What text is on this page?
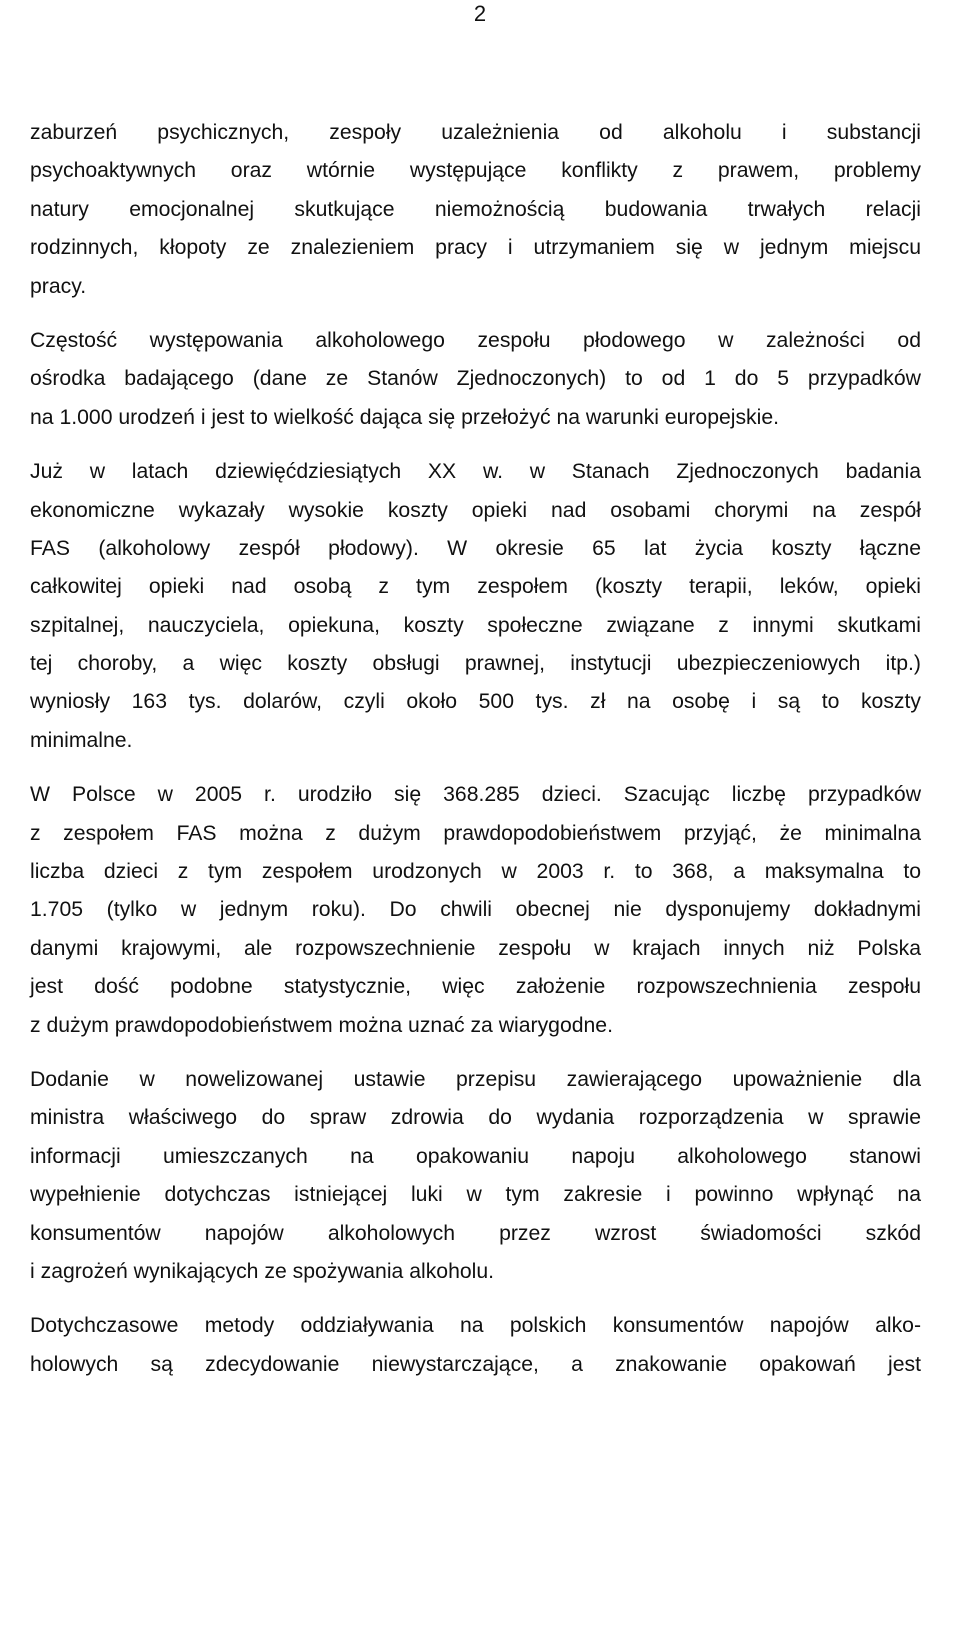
2
zaburzeń psychicznych, zespoły uzależnienia od alkoholu i substancji
psychoaktywnych oraz wtórnie występujące konflikty z prawem, problemy
natury emocjonalnej skutkujące niemożnością budowania trwałych relacji
rodzinnych, kłopoty ze znalezieniem pracy i utrzymaniem się w jednym miejscu
pracy.
Częstość występowania alkoholowego zespołu płodowego w zależności od
ośrodka badającego (dane ze Stanów Zjednoczonych) to od 1 do 5 przypadków
na 1.000 urodzeń i jest to wielkość dająca się przełożyć na warunki europejskie.
Już w latach dziewięćdziesiątych XX w. w Stanach Zjednoczonych badania
ekonomiczne wykazały wysokie koszty opieki nad osobami chorymi na zespół
FAS (alkoholowy zespół płodowy). W okresie 65 lat życia koszty łączne
całkowitej opieki nad osobą z tym zespołem (koszty terapii, leków, opieki
szpitalnej, nauczyciela, opiekuna, koszty społeczne związane z innymi skutkami
tej choroby, a więc koszty obsługi prawnej, instytucji ubezpieczeniowych itp.)
wyniosły 163 tys. dolarów, czyli około 500 tys. zł na osobę i są to koszty
minimalne.
W Polsce w 2005 r. urodziło się 368.285 dzieci. Szacując liczbę przypadków
z zespołem FAS można z dużym prawdopodobieństwem przyjąć, że minimalna
liczba dzieci z tym zespołem urodzonych w 2003 r. to 368, a maksymalna to
1.705 (tylko w jednym roku). Do chwili obecnej nie dysponujemy dokładnymi
danymi krajowymi, ale rozpowszechnienie zespołu w krajach innych niż Polska
jest dość podobne statystycznie, więc założenie rozpowszechnienia zespołu
z dużym prawdopodobieństwem można uznać za wiarygodne.
Dodanie w nowelizowanej ustawie przepisu zawierającego upoważnienie dla
ministra właściwego do spraw zdrowia do wydania rozporządzenia w sprawie
informacji umieszczanych na opakowaniu napoju alkoholowego stanowi
wypełnienie dotychczas istniejącej luki w tym zakresie i powinno wpłynąć na
konsumentów napojów alkoholowych przez wzrost świadomości szkód
i zagrożeń wynikających ze spożywania alkoholu.
Dotychczasowe metody oddziaływania na polskich konsumentów napojów alko-
holowych są zdecydowanie niewystarczające, a znakowanie opakowań jest
